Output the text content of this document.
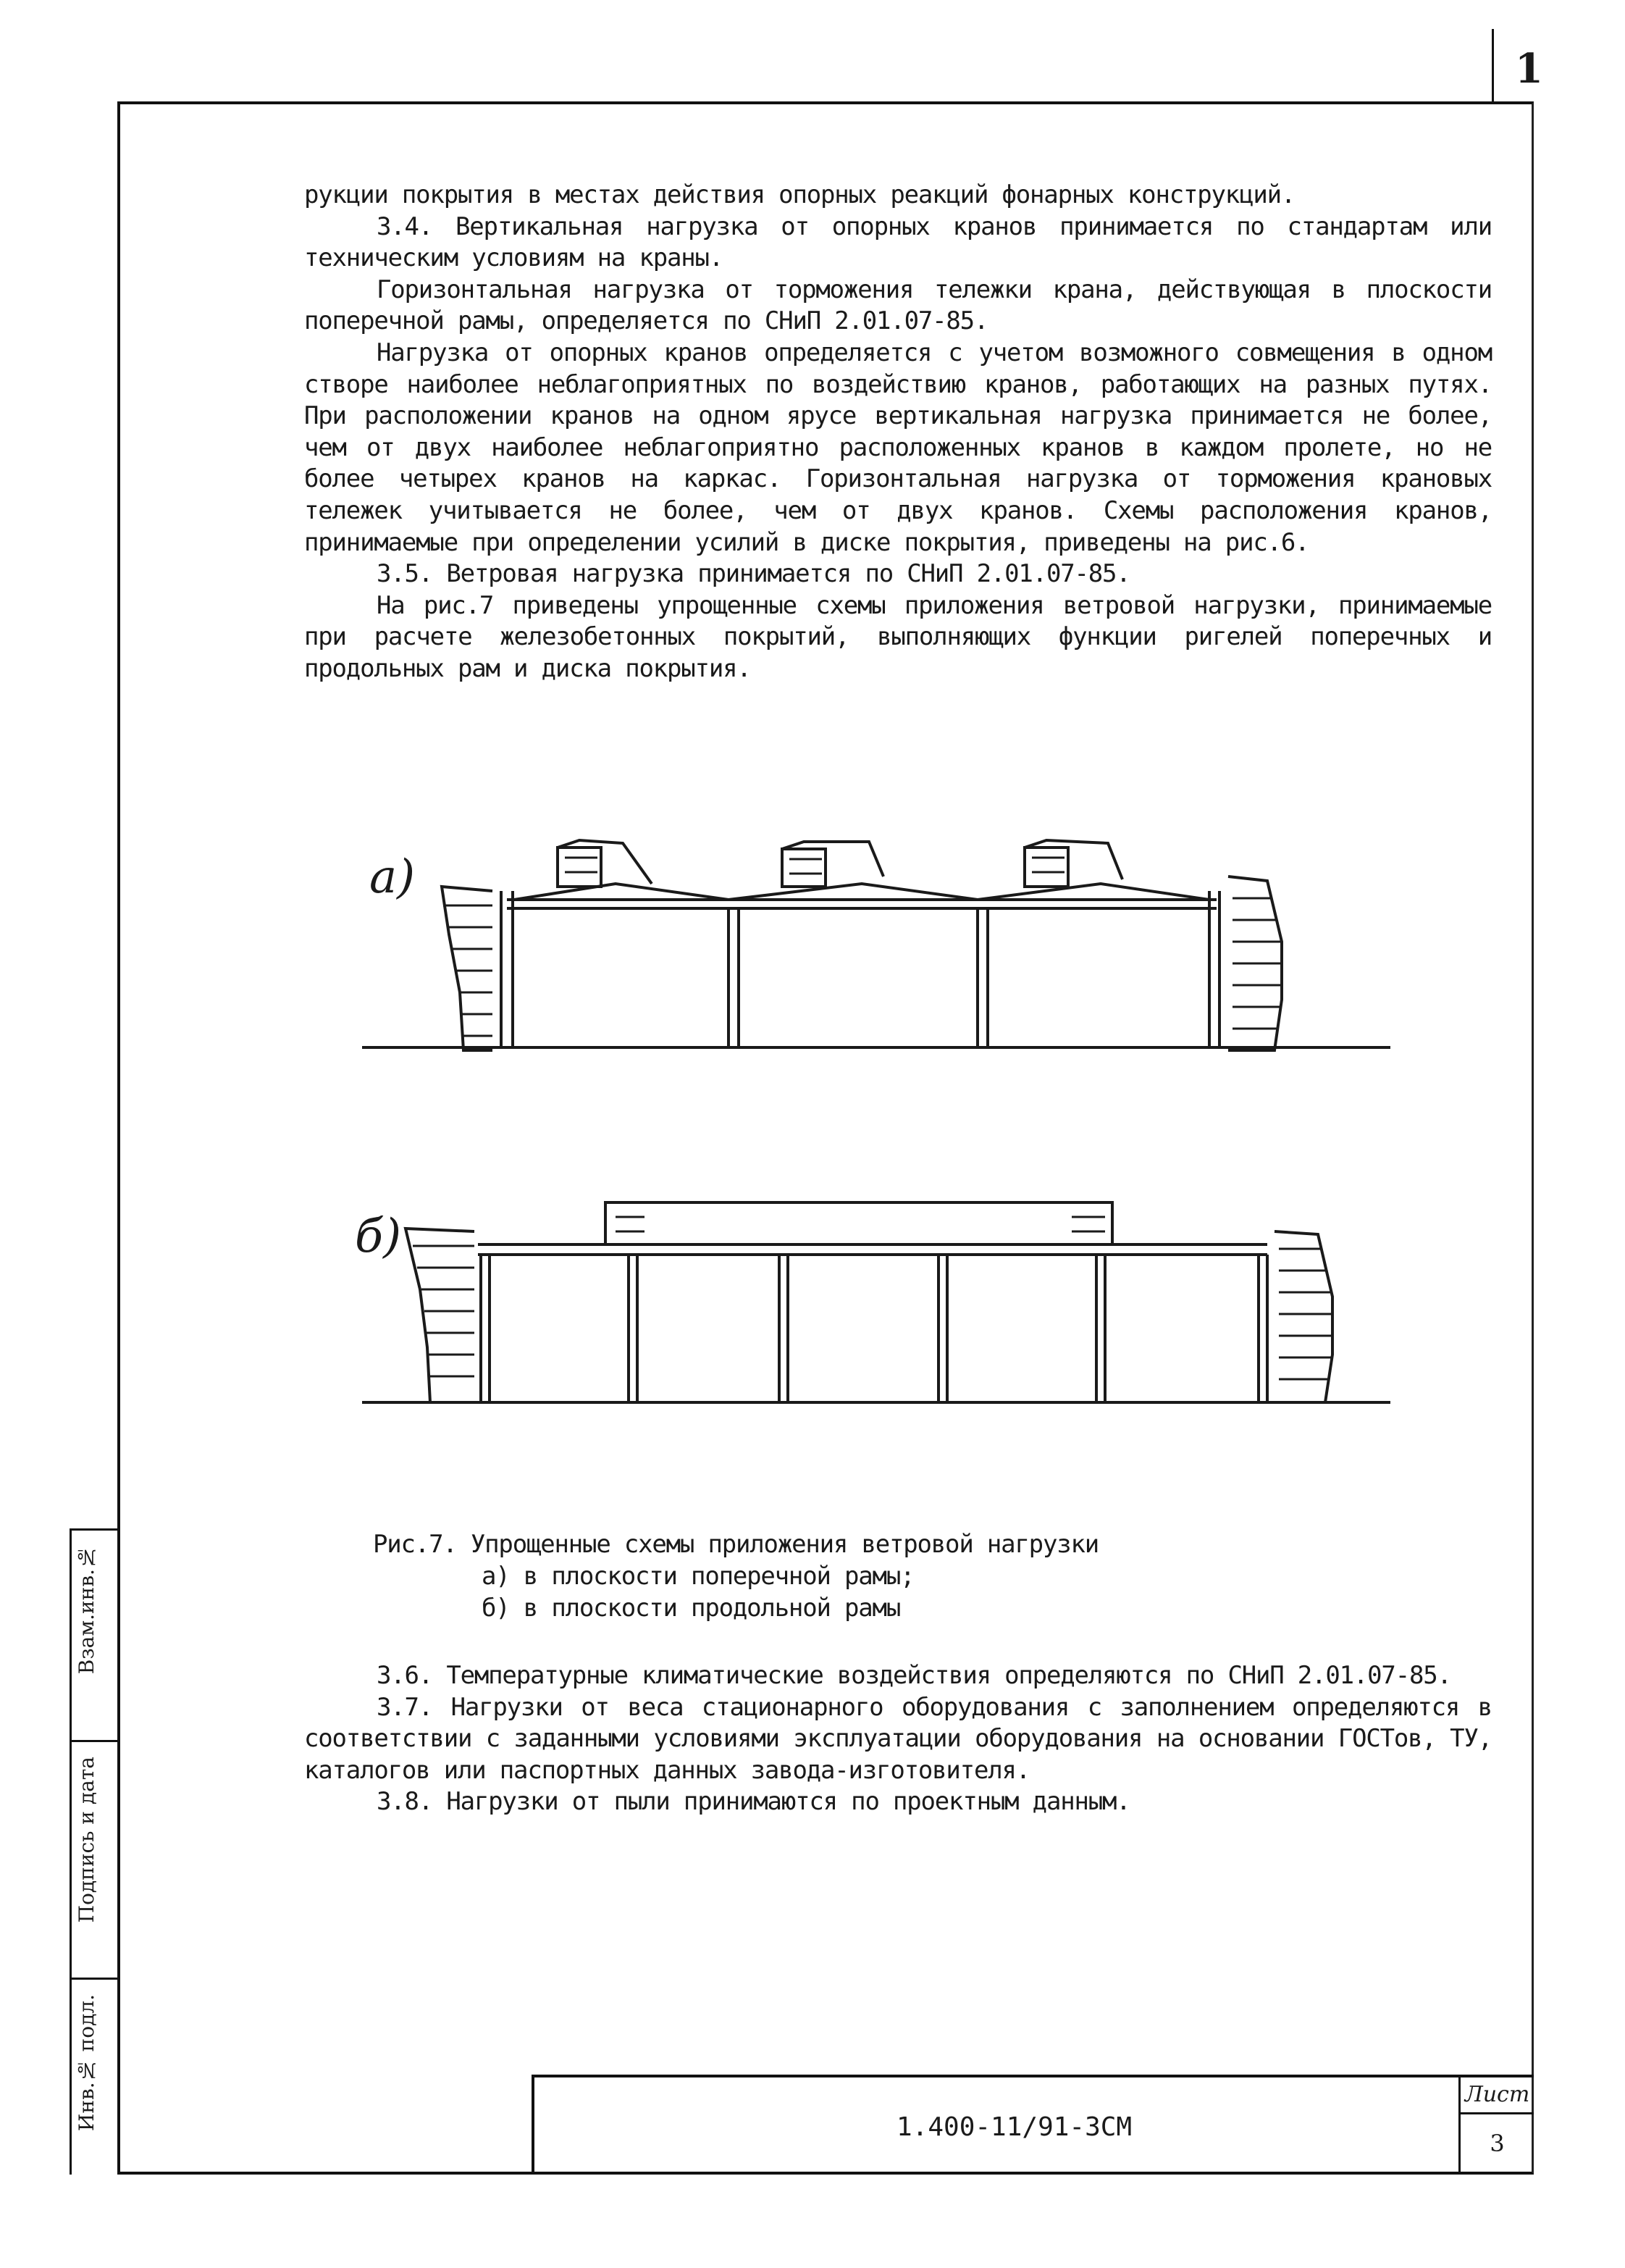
1
Взам.инв.№
Подпись и дата
Инв.№ подл.

рукции покрытия в местах действия опорных реакций фонарных конструкций.

3.4. Вертикальная нагрузка от опорных кранов принимается по стандартам или техническим условиям на краны.

Горизонтальная нагрузка от торможения тележки крана, действующая в плоскости поперечной рамы, определяется по СНиП 2.01.07-85.

Нагрузка от опорных кранов определяется с учетом возможного совмещения в одном створе наиболее неблагоприятных по воздействию кранов, работающих на разных путях. При расположении кранов на одном ярусе вертикальная нагрузка принимается не более, чем от двух наиболее неблагоприятно расположенных кранов в каждом пролете, но не более четырех кранов на каркас. Горизонтальная нагрузка от торможения крановых тележек учитывается не более, чем от двух кранов. Схемы расположения кранов, принимаемые при определении усилий в диске покрытия, приведены на рис.6.

3.5. Ветровая нагрузка принимается по СНиП 2.01.07-85.

На рис.7 приведены упрощенные схемы приложения ветровой нагрузки, принимаемые при расчете железобетонных покрытий, выполняющих функции ригелей поперечных и продольных рам и диска покрытия.

а)
б)
Рис.7. Упрощенные схемы приложения ветровой нагрузки
а) в плоскости поперечной рамы;
б) в плоскости продольной рамы

3.6. Температурные климатические воздействия определяются по СНиП 2.01.07-85.

3.7. Нагрузки от веса стационарного оборудования с заполнением определяются в соответствии с заданными условиями эксплуатации оборудования на основании ГОСТов, ТУ, каталогов или паспортных данных завода-изготовителя.

3.8. Нагрузки от пыли принимаются по проектным данным.

1.400-11/91-3СМ
Лист
3
